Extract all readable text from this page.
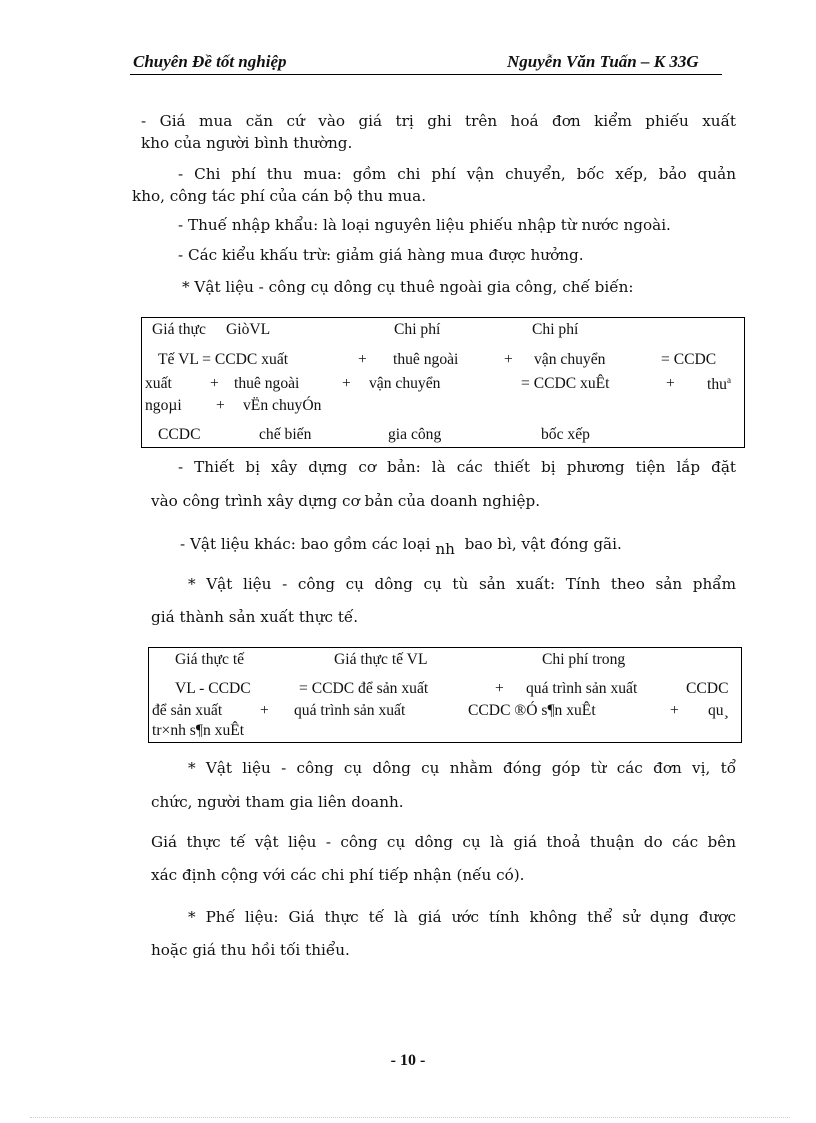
Chuyên Đề tốt nghiệp	Nguyễn Văn Tuấn – K 33G
- Giá mua căn cứ vào giá trị ghi trên hoá đơn kiểm phiếu xuất
kho của người bình thường.
- Chi phí thu mua: gồm chi phí vận chuyển, bốc xếp, bảo quản
kho, công tác phí của cán bộ thu mua.
- Thuế nhập khẩu: là loại nguyên liệu phiếu nhập từ nước ngoài.
- Các kiểu khấu trừ: giảm giá hàng mua được hưởng.
* Vật liệu - công cụ dông cụ thuê ngoài gia công, chế biến:
Giá thực GiòVL	Chi phí	Chi phí
Tế VL = CCDC xuất	+ thuê ngoài	+ vận chuyển	= CCDC
xuất + thuê ngoài	+ vận chuyển	= CCDC xuÊt	+ thu$^a$
ngoµi + vËn chuyÓn
CCDC	chế biến	gia công	bốc xếp
- Thiết bị xây dựng cơ bản: là các thiết bị phương tiện lắp đặt
vào công trình xây dựng cơ bản của doanh nghiệp.
- Vật liệu khác: bao gồm các loại nh bao bì, vật đóng gãi.
* Vật liệu - công cụ dông cụ tù sản xuất: Tính theo sản phẩm
giá thành sản xuất thực tế.
Giá thực tế	Giá thực tế VL	Chi phí trong
VL - CCDC	= CCDC để sản xuất	+ quá trình sản xuất	CCDC
để sản xuất + quá trình sản xuất	CCDC ®Ó s¶n xuÊt	+ qu¸
tr×nh s¶n xuÊt
* Vật liệu - công cụ dông cụ nhằm đóng góp từ các đơn vị, tổ
chức, người tham gia liên doanh.
Giá thực tế vật liệu - công cụ dông cụ là giá thoả thuận do các bên
xác định cộng với các chi phí tiếp nhận (nếu có).
* Phế liệu: Giá thực tế là giá ước tính không thể sử dụng được
hoặc giá thu hồi tối thiểu.
- 10 -
